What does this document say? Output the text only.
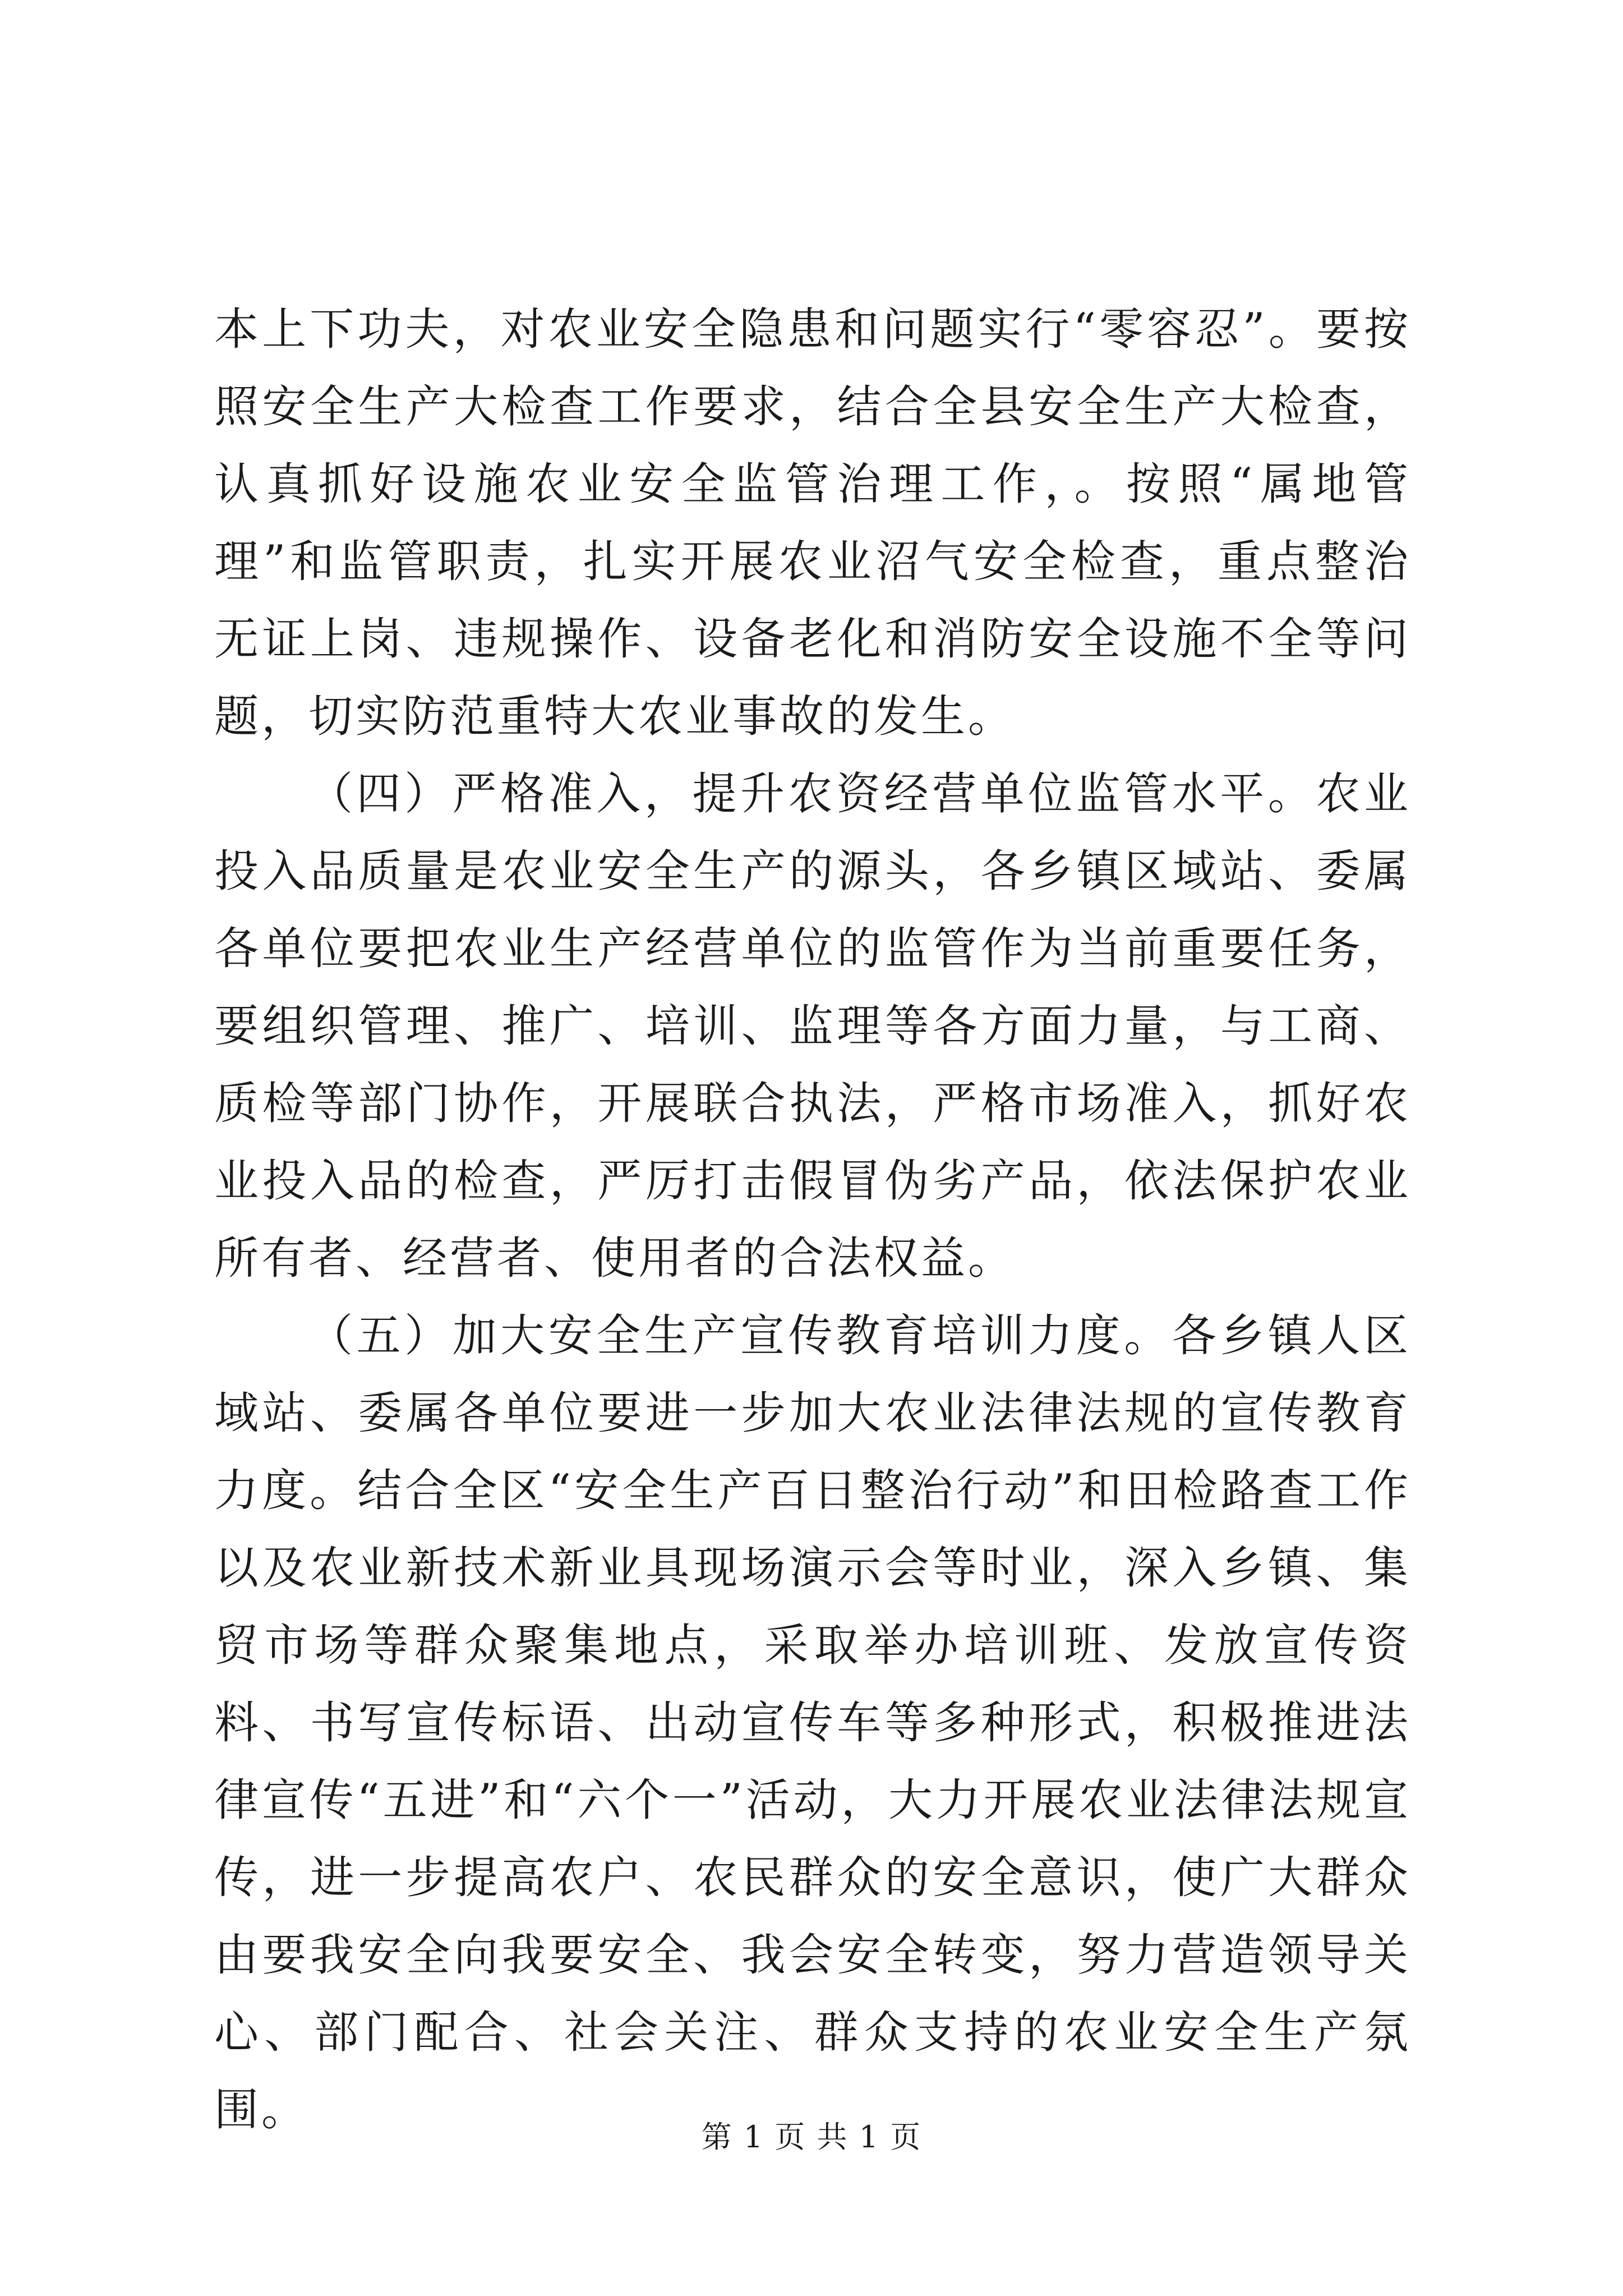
本上下功夫，对农业安全隐患和问题实行“零容忍”。要按照安全生产大检查工作要求，结合全县安全生产大检查，认真抓好设施农业安全监管治理工作，。按照“属地管理”和监管职责，扎实开展农业沼气安全检查，重点整治无证上岗、违规操作、设备老化和消防安全设施不全等问题，切实防范重特大农业事故的发生。

（四）严格准入，提升农资经营单位监管水平。农业投入品质量是农业安全生产的源头，各乡镇区域站、委属各单位要把农业生产经营单位的监管作为当前重要任务，要组织管理、推广、培训、监理等各方面力量，与工商、质检等部门协作，开展联合执法，严格市场准入，抓好农业投入品的检查，严厉打击假冒伪劣产品，依法保护农业所有者、经营者、使用者的合法权益。

（五）加大安全生产宣传教育培训力度。各乡镇人区域站、委属各单位要进一步加大农业法律法规的宣传教育力度。结合全区“安全生产百日整治行动”和田检路查工作以及农业新技术新业具现场演示会等时业，深入乡镇、集贸市场等群众聚集地点，采取举办培训班、发放宣传资料、书写宣传标语、出动宣传车等多种形式，积极推进法律宣传“五进”和“六个一”活动，大力开展农业法律法规宣传，进一步提高农户、农民群众的安全意识，使广大群众由要我安全向我要安全、我会安全转变，努力营造领导关心、部门配合、社会关注、群众支持的农业安全生产氛围。

第 1 页 共 1 页
